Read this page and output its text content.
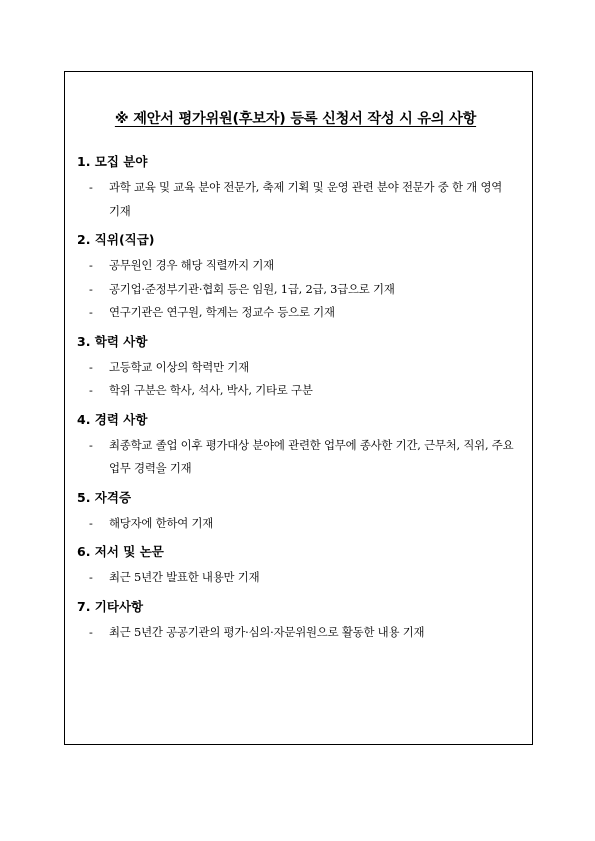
※ 제안서 평가위원(후보자) 등록 신청서 작성 시 유의 사항
1. 모집 분야
-	과학 교육 및 교육 분야 전문가, 축제 기획 및 운영 관련 분야 전문가 중 한 개 영역 기재
2. 직위(직급)
-	공무원인 경우 해당 직렬까지 기재
-	공기업·준정부기관·협회 등은 임원, 1급, 2급, 3급으로 기재
-	연구기관은 연구원, 학계는 정교수 등으로 기재
3. 학력 사항
-	고등학교 이상의 학력만 기재
-	학위 구분은 학사, 석사, 박사, 기타로 구분
4. 경력 사항
-	최종학교 졸업 이후 평가대상 분야에 관련한 업무에 종사한 기간, 근무처, 직위, 주요업무 경력을 기재
5. 자격증
-	해당자에 한하여 기재
6. 저서 및 논문
-	최근 5년간 발표한 내용만 기재
7. 기타사항
-	최근 5년간 공공기관의 평가·심의·자문위원으로 활동한 내용 기재
